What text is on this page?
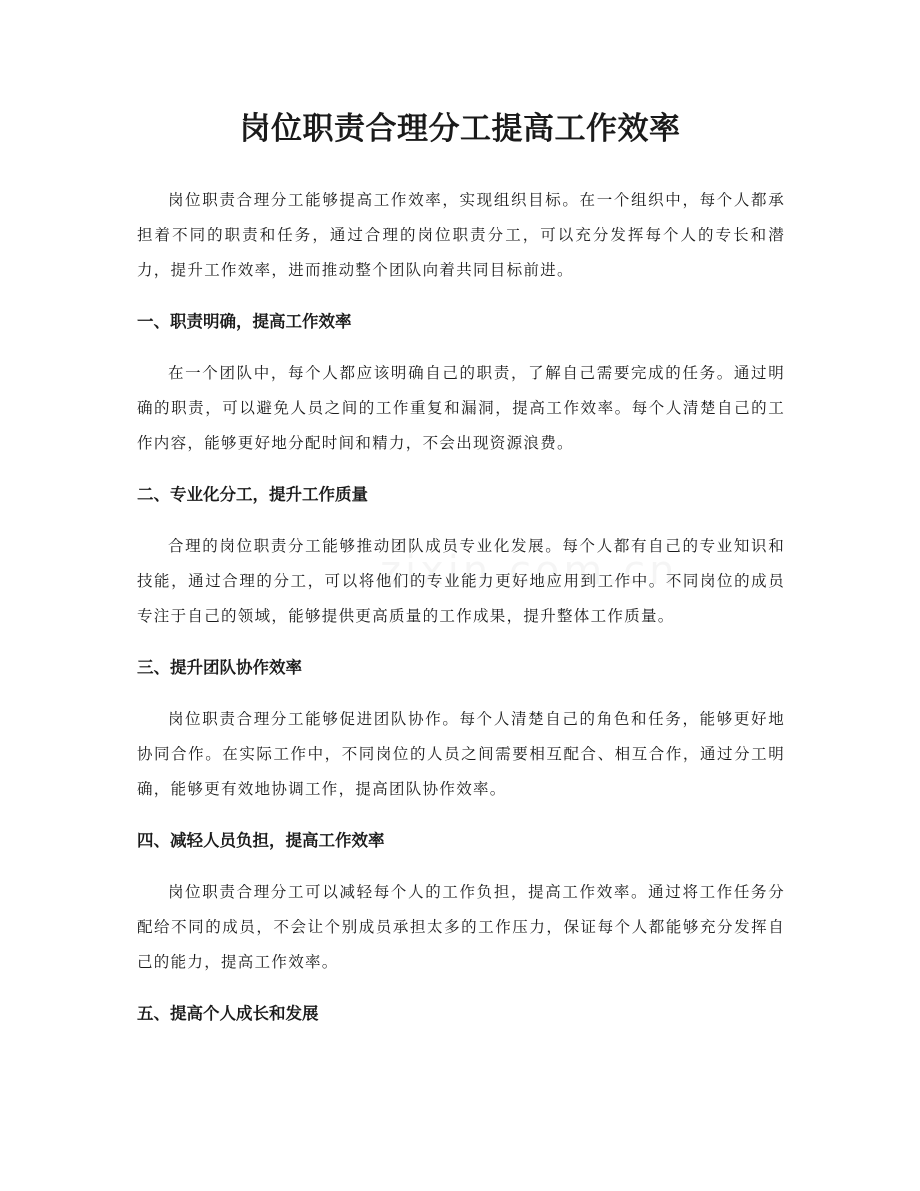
岗位职责合理分工提高工作效率

岗位职责合理分工能够提高工作效率，实现组织目标。在一个组织中，每个人都承担着不同的职责和任务，通过合理的岗位职责分工，可以充分发挥每个人的专长和潜力，提升工作效率，进而推动整个团队向着共同目标前进。

一、职责明确，提高工作效率

在一个团队中，每个人都应该明确自己的职责，了解自己需要完成的任务。通过明确的职责，可以避免人员之间的工作重复和漏洞，提高工作效率。每个人清楚自己的工作内容，能够更好地分配时间和精力，不会出现资源浪费。

二、专业化分工，提升工作质量

合理的岗位职责分工能够推动团队成员专业化发展。每个人都有自己的专业知识和技能，通过合理的分工，可以将他们的专业能力更好地应用到工作中。不同岗位的成员专注于自己的领域，能够提供更高质量的工作成果，提升整体工作质量。

三、提升团队协作效率

岗位职责合理分工能够促进团队协作。每个人清楚自己的角色和任务，能够更好地协同合作。在实际工作中，不同岗位的人员之间需要相互配合、相互合作，通过分工明确，能够更有效地协调工作，提高团队协作效率。

四、减轻人员负担，提高工作效率

岗位职责合理分工可以减轻每个人的工作负担，提高工作效率。通过将工作任务分配给不同的成员，不会让个别成员承担太多的工作压力，保证每个人都能够充分发挥自己的能力，提高工作效率。

五、提高个人成长和发展
